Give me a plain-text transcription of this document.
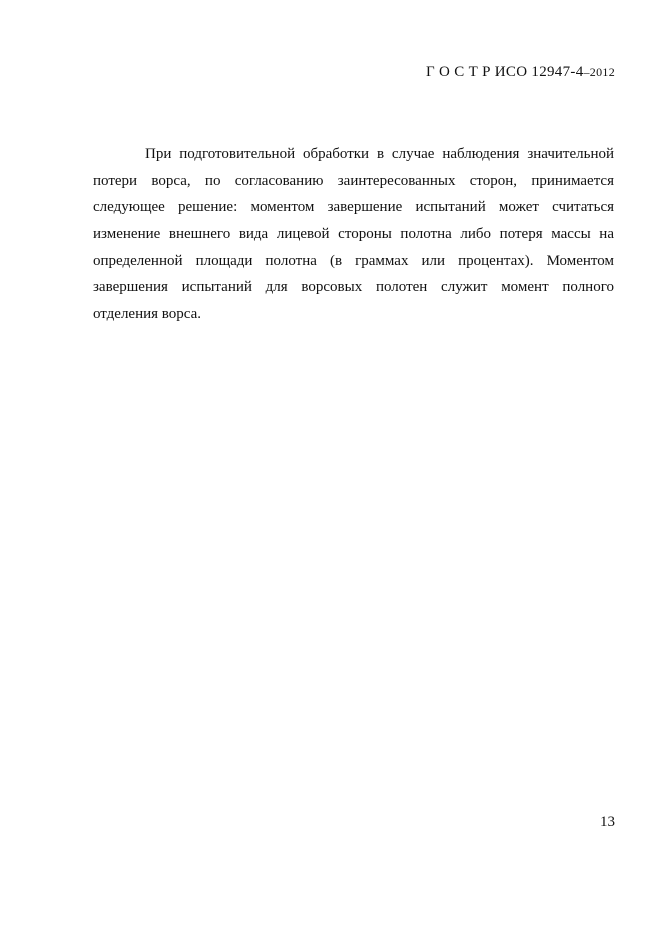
Г О С Т Р ИСО 12947-4–2012
При подготовительной обработки в случае наблюдения значительной
потери ворса, по согласованию заинтересованных сторон, принимается
следующее решение: моментом завершение испытаний может считаться
изменение внешнего вида лицевой стороны полотна либо потеря массы на
определенной площади полотна (в граммах или процентах). Моментом
завершения испытаний для ворсовых полотен служит момент полного
отделения ворса.
13
